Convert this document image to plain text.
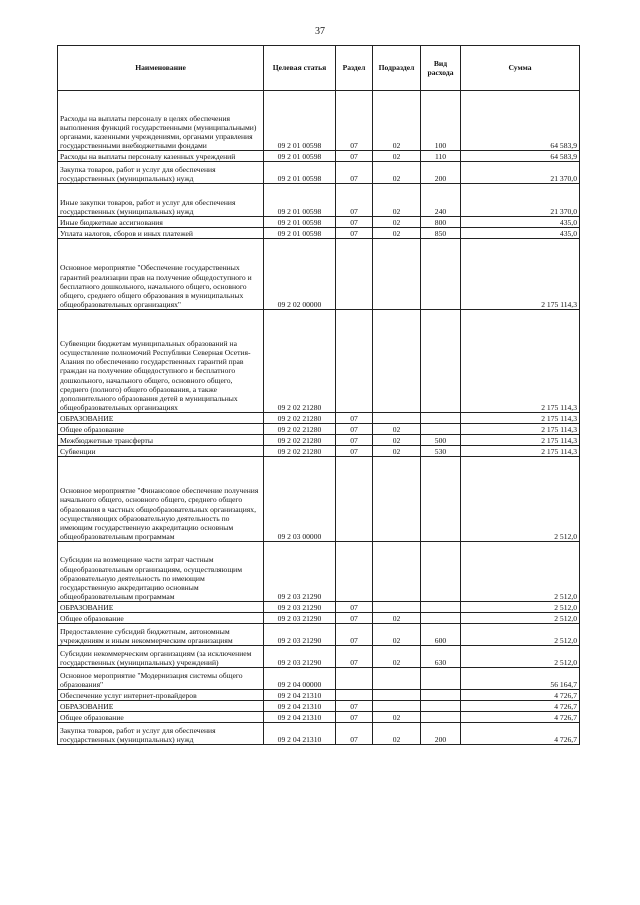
37
Наименование	Целевая статья	Раздел	Подраздел	Вид расхода	Сумма
Расходы на выплаты персоналу в целях обеспечения выполнения функций государственными (муниципальными) органами, казенными учреждениями, органами управления государственными внебюджетными фондами	09 2 01 00598	07	02	100	64 583,9
Расходы на выплаты персоналу казенных учреждений	09 2 01 00598	07	02	110	64 583,9
Закупка товаров, работ и услуг для обеспечения государственных (муниципальных) нужд	09 2 01 00598	07	02	200	21 370,0
Иные закупки товаров, работ и услуг для обеспечения государственных (муниципальных) нужд	09 2 01 00598	07	02	240	21 370,0
Иные бюджетные ассигнования	09 2 01 00598	07	02	800	435,0
Уплата налогов, сборов и иных платежей	09 2 01 00598	07	02	850	435,0
Основное мероприятие "Обеспечение государственных гарантий реализации прав на получение общедоступного и бесплатного дошкольного, начального общего, основного общего, среднего общего образования в муниципальных общеобразовательных организациях"	09 2 02 00000				2 175 114,3
Субвенции бюджетам муниципальных образований на осуществление полномочий Республики Северная Осетия-Алания по обеспечению государственных гарантий прав граждан на получение общедоступного и бесплатного дошкольного, начального общего, основного общего, среднего (полного) общего образования, а также дополнительного образования детей в муниципальных общеобразовательных организациях	09 2 02 21280				2 175 114,3
ОБРАЗОВАНИЕ	09 2 02 21280	07			2 175 114,3
Общее образование	09 2 02 21280	07	02		2 175 114,3
Межбюджетные трансферты	09 2 02 21280	07	02	500	2 175 114,3
Субвенции	09 2 02 21280	07	02	530	2 175 114,3
Основное мероприятие "Финансовое обеспечение получения начального общего, основного общего, среднего общего образования в частных общеобразовательных организациях, осуществляющих образовательную деятельность по имеющим государственную аккредитацию основным общеобразовательным программам	09 2 03 00000				2 512,0
Субсидии на возмещение части затрат частным общеобразовательным организациям, осуществляющим образовательную деятельность по имеющим государственную аккредитацию основным общеобразовательным программам	09 2 03 21290				2 512,0
ОБРАЗОВАНИЕ	09 2 03 21290	07			2 512,0
Общее образование	09 2 03 21290	07	02		2 512,0
Предоставление субсидий бюджетным, автономным учреждениям и иным некоммерческим организациям	09 2 03 21290	07	02	600	2 512,0
Субсидии некоммерческим организациям (за исключением государственных (муниципальных) учреждений)	09 2 03 21290	07	02	630	2 512,0
Основное мероприятие "Модернизация системы общего образования"	09 2 04 00000				56 164,7
Обеспечение услуг интернет-провайдеров	09 2 04 21310				4 726,7
ОБРАЗОВАНИЕ	09 2 04 21310	07			4 726,7
Общее образование	09 2 04 21310	07	02		4 726,7
Закупка товаров, работ и услуг для обеспечения государственных (муниципальных) нужд	09 2 04 21310	07	02	200	4 726,7
